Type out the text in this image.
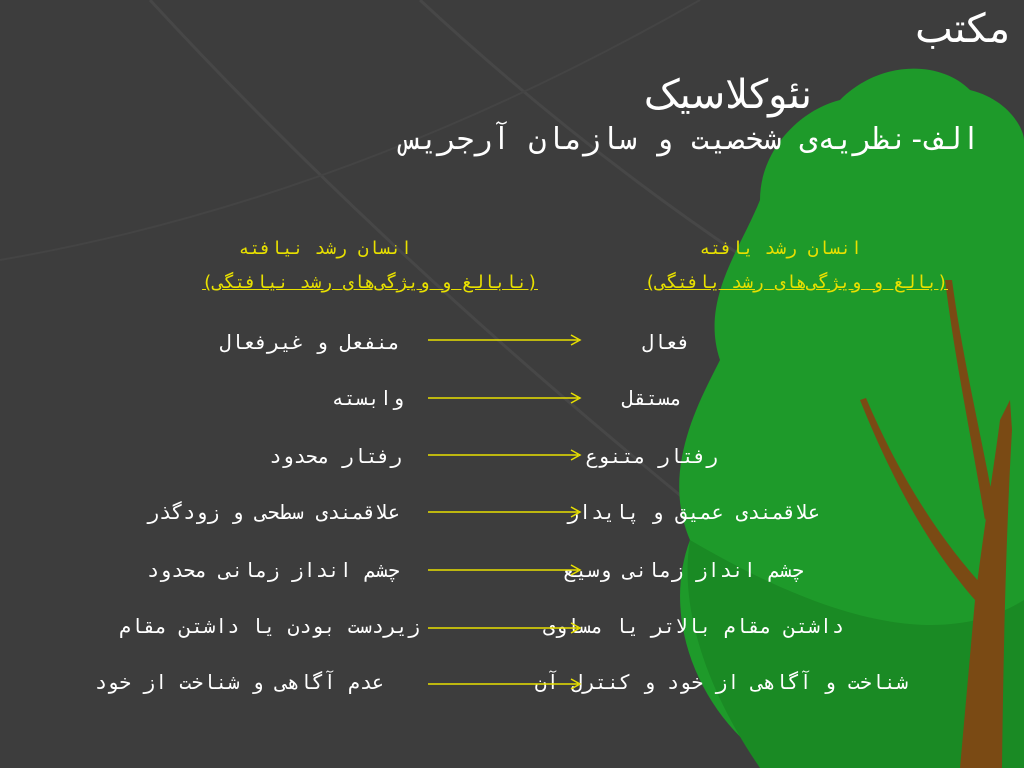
مکتب
نئوکلاسیک
الف-نظریه‌ی شخصیت و سازمان آرجریس
انسان رشد یافته
(بالغ و ویژگی‌های رشد یافتگی)
انسان رشد نیافته
(نابالغ و ویژگی‌های رشد نیافتگی)
فعال
منفعل و غیرفعال
مستقل
وابسته
رفتار متنوع
رفتار محدود
علاقمندی عمیق و پایدار
علاقمندی سطحی و زودگذر
چشم انداز زمانی وسیع
چشم انداز زمانی محدود
داشتن مقام بالاتر یا مساوی
زیردست بودن یا داشتن مقام
شناخت و آگاهی از خود و کنترل آن
عدم آگاهی و شناخت از خود
